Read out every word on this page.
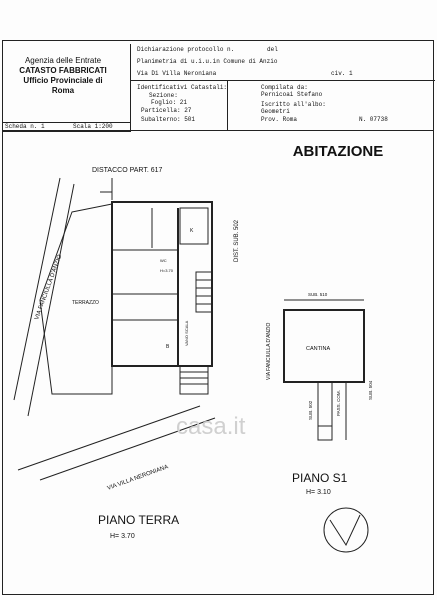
Agenzia delle Entrate
CATASTO FABBRICATI
Ufficio Provinciale di
Roma
Dichiarazione protocollo n.	del
Planimetria di u.i.u.in Comune di Anzio
Via Di Villa Neroniana	civ. 1
Identificativi Catastali:
Sezione:
Foglio: 21
Particella: 27
Subalterno: 501
Compilata da:
Pernicoai Stefano
Iscritto all'albo:
Geometri
Prov. Roma	N. 07738
Scheda n. 1	Scala 1:200
ABITAZIONE
DISTACCO PART. 617
DIST. SUB. 502
VIA FANCIULLA D'ANZIO
VIA FANCIULLA D'ANZIO
VIA VILLA NERONIANA
TERRAZZO
K
WC
H=3.70
B
VANO SCALA
SUB. 510
CANTINA
SUB. 504
SUB. 502	PASS. COM.
PIANO S1
H= 3.10
PIANO TERRA
H= 3.70
casa.it
